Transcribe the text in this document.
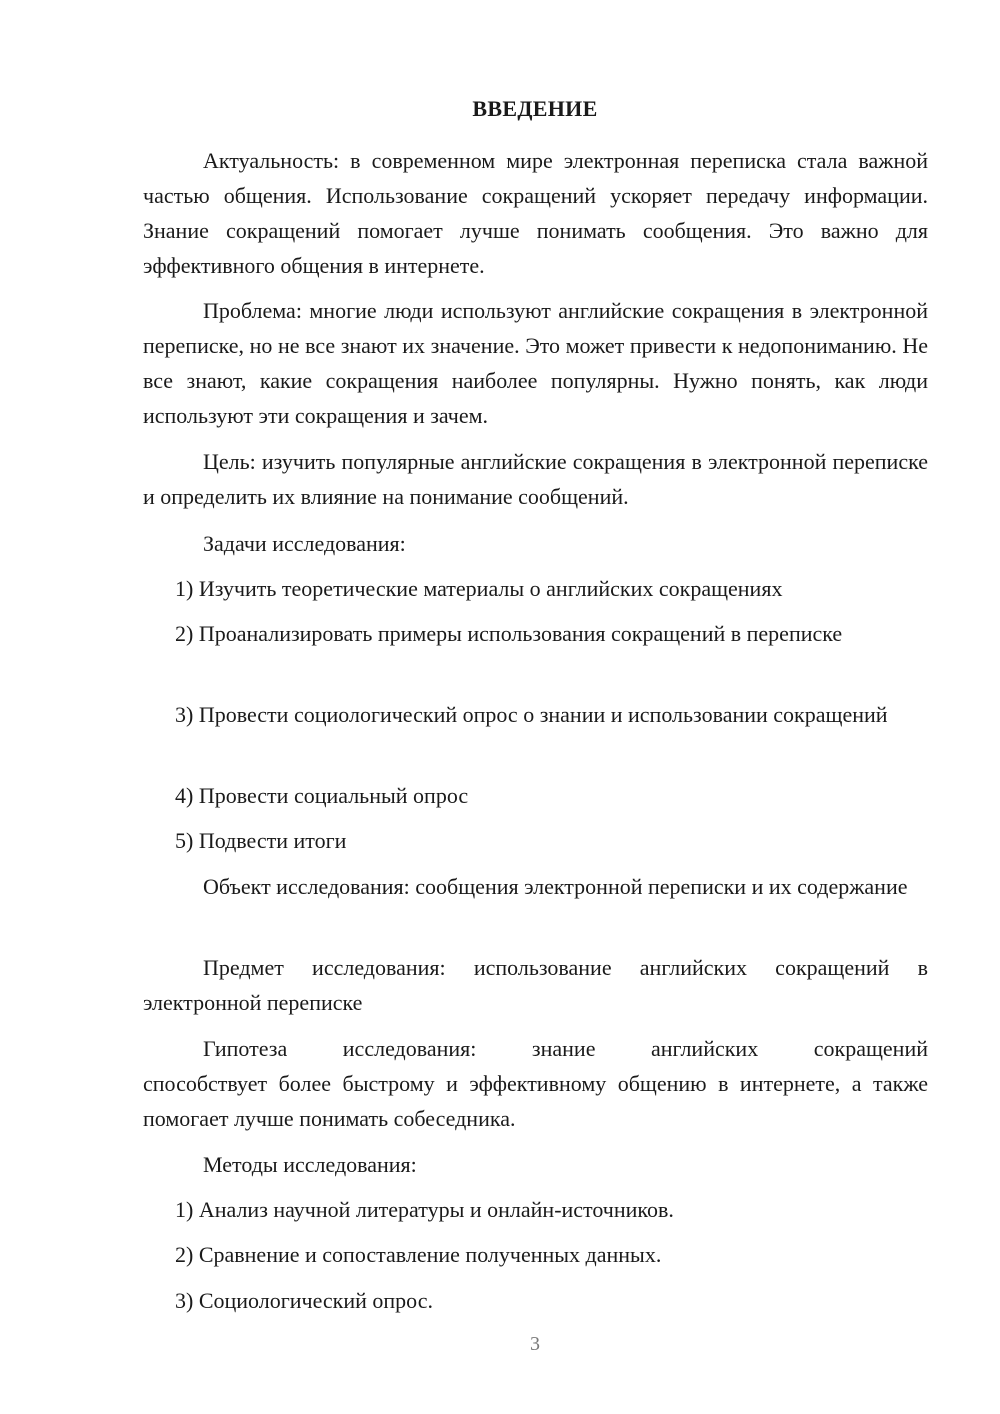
ВВЕДЕНИЕ

Актуальность: в современном мире электронная переписка стала важной частью общения. Использование сокращений ускоряет передачу информации. Знание сокращений помогает лучше понимать сообщения. Это важно для эффективного общения в интернете.

Проблема: многие люди используют английские сокращения в электронной переписке, но не все знают их значение. Это может привести к недопониманию. Не все знают, какие сокращения наиболее популярны. Нужно понять, как люди используют эти сокращения и зачем.

Цель: изучить популярные английские сокращения в электронной переписке и определить их влияние на понимание сообщений.

Задачи исследования:

1) Изучить теоретические материалы о английских сокращениях

2) Проанализировать примеры использования сокращений в переписке

3) Провести социологический опрос о знании и использовании сокращений

4) Провести социальный опрос

5) Подвести итоги

Объект исследования: сообщения электронной переписки и их содержание

Предмет исследования: использование английских сокращений в электронной переписке

Гипотеза исследования: знание английских сокращений

способствует более быстрому и эффективному общению в интернете, а также помогает лучше понимать собеседника.

Методы исследования:

1) Анализ научной литературы и онлайн-источников.

2) Сравнение и сопоставление полученных данных.

3) Социологический опрос.

3
